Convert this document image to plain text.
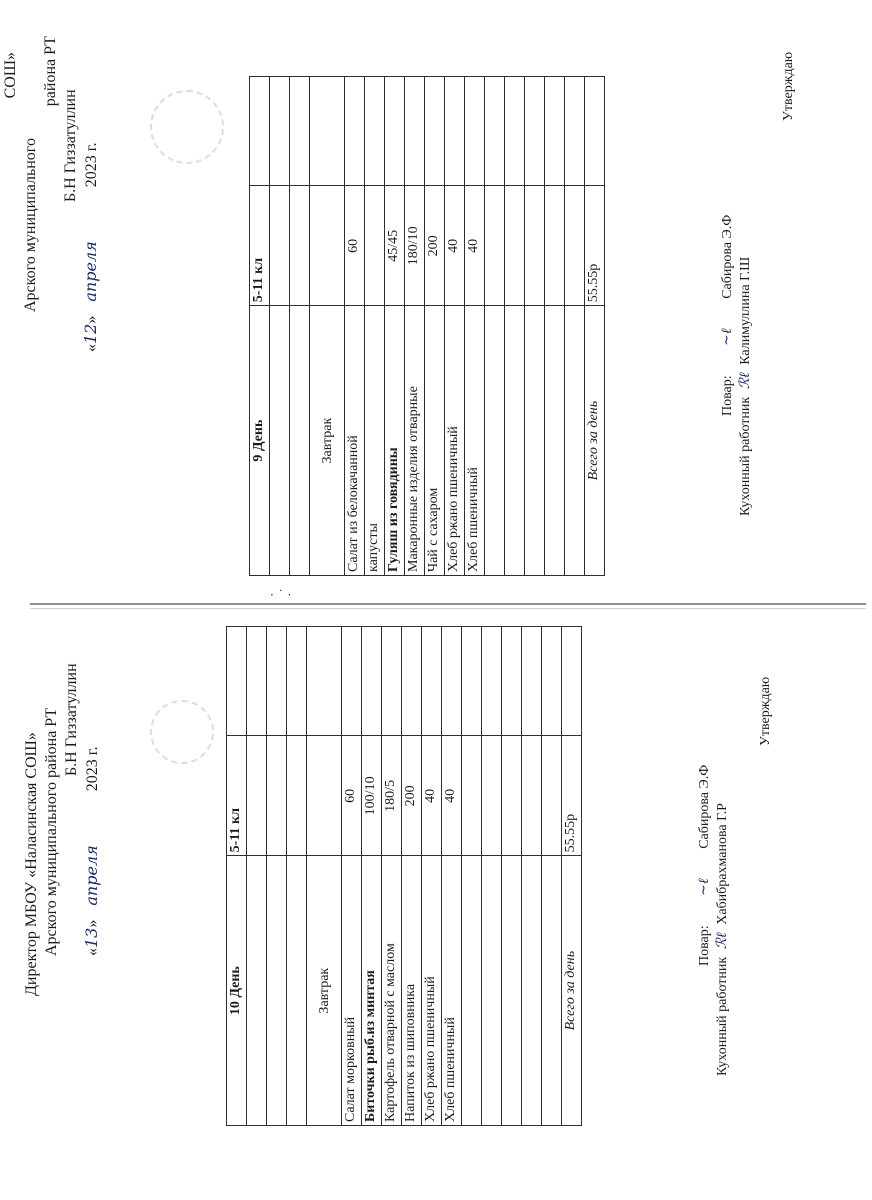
· ˙ ·
9 День	5-11 кл	

Завтрак		
Салат из белокачанной	60	
капусты		
Гуляш из говядины	45/45	
Макаронные изделия отварные	180/10	
Чай с сахаром	200	
Хлеб ржано пшеничный	40	
Хлеб пшеничный	40	

Всего за день	55.55р	
Повар: ~ℓ Сабирова Э.Ф
Кухонный работник ℛℓ Калимуллина Г.Ш
Утверждаю
СОШ»
Арского муниципального
района РТ
Б.Н Гиззатуллин
«12» апреля 2023 г.
10 День	5-11 кл	

Завтрак		
Салат морковный	60	
Биточки рыб.из минтая	100/10	
Картофель отварной с маслом	180/5	
Напиток из шиповника	200	
Хлеб ржано пшеничный	40	
Хлеб пшеничный	40	

Всего за день	55.55р	
Повар: ~ℓ Сабирова Э.Ф
Кухонный работник ℛℓ Хабибрахманова Г.Р
Утверждаю
Директор МБОУ «Наласинская СОШ» Арского муниципального района РТ Б.Н Гиззатуллин
«13» апреля 2023 г.
